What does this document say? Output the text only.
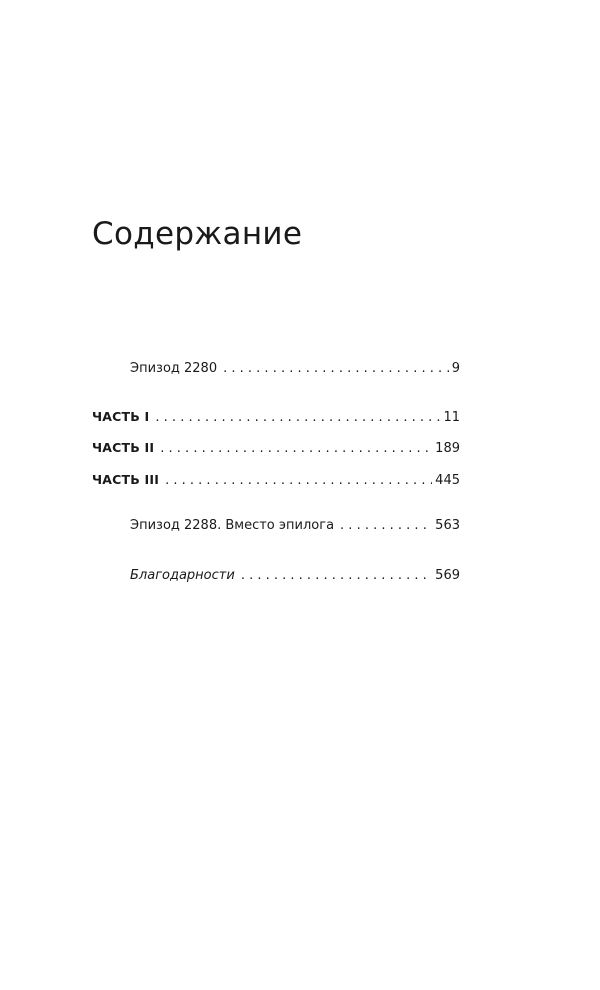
Содержание
Эпизод 2280 . . .	9
ЧАСТЬ I . . .	11
ЧАСТЬ II . . .	189
ЧАСТЬ III . . .	445
Эпизод 2288. Вместо эпилога . . .	563
Благодарности . . .	569
